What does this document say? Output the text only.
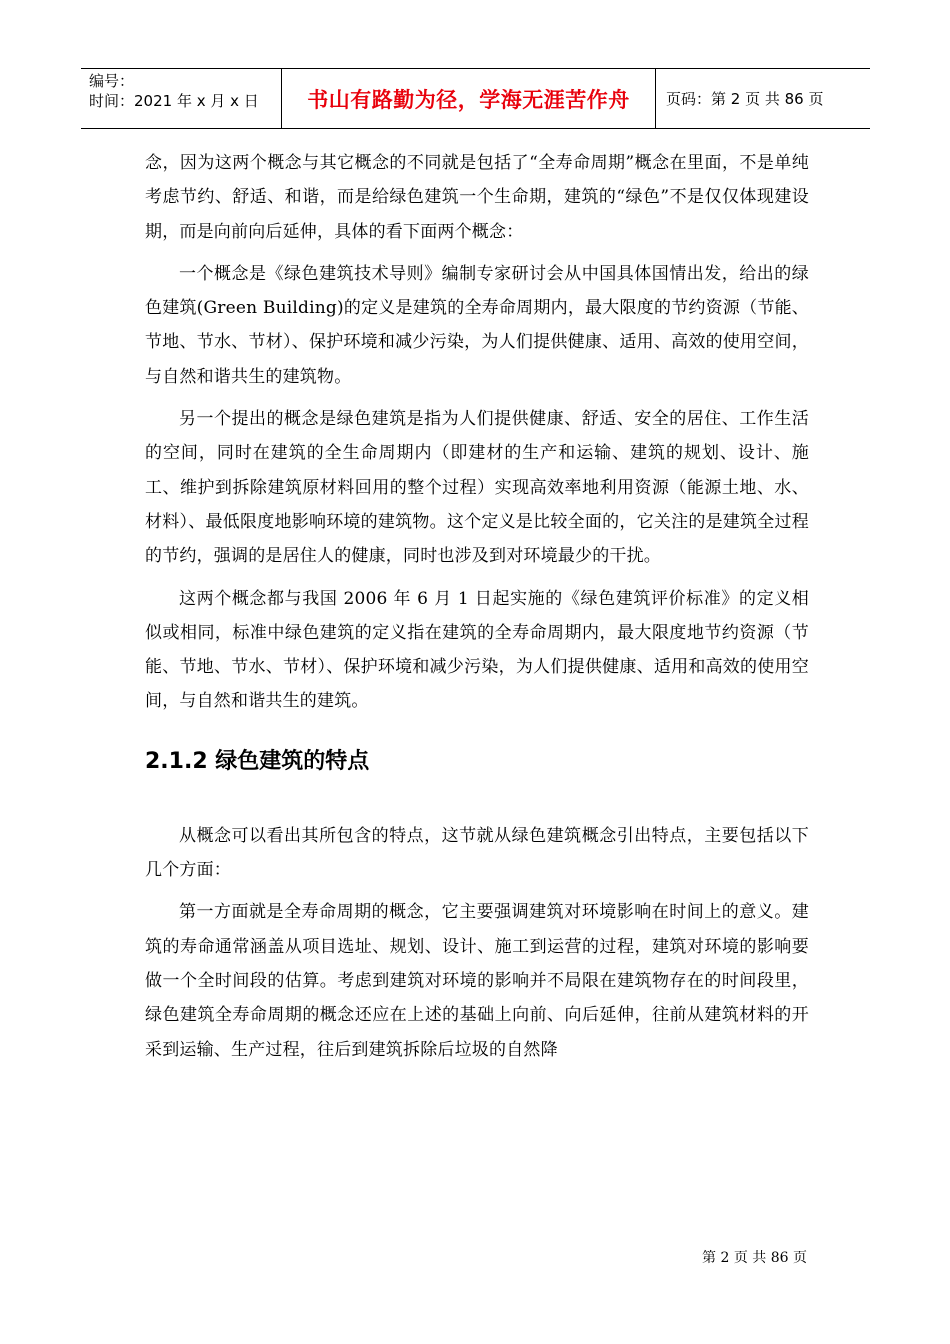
编号：
时间：2021 年 x 月 x 日	书山有路勤为径，学海无涯苦作舟	页码：第 2 页 共 86 页

念，因为这两个概念与其它概念的不同就是包括了“全寿命周期”概念在里面，不是单纯考虑节约、舒适、和谐，而是给绿色建筑一个生命期，建筑的“绿色”不是仅仅体现建设期，而是向前向后延伸，具体的看下面两个概念：

一个概念是《绿色建筑技术导则》编制专家研讨会从中国具体国情出发，给出的绿色建筑(Green Building)的定义是建筑的全寿命周期内，最大限度的节约资源（节能、节地、节水、节材）、保护环境和减少污染，为人们提供健康、适用、高效的使用空间，与自然和谐共生的建筑物。

另一个提出的概念是绿色建筑是指为人们提供健康、舒适、安全的居住、工作生活的空间，同时在建筑的全生命周期内（即建材的生产和运输、建筑的规划、设计、施工、维护到拆除建筑原材料回用的整个过程）实现高效率地利用资源（能源土地、水、材料）、最低限度地影响环境的建筑物。这个定义是比较全面的，它关注的是建筑全过程的节约，强调的是居住人的健康，同时也涉及到对环境最少的干扰。

这两个概念都与我国 2006 年 6 月 1 日起实施的《绿色建筑评价标准》的定义相似或相同，标准中绿色建筑的定义指在建筑的全寿命周期内，最大限度地节约资源（节能、节地、节水、节材）、保护环境和减少污染，为人们提供健康、适用和高效的使用空间，与自然和谐共生的建筑。

2.1.2 绿色建筑的特点

从概念可以看出其所包含的特点，这节就从绿色建筑概念引出特点，主要包括以下几个方面：

第一方面就是全寿命周期的概念，它主要强调建筑对环境影响在时间上的意义。建筑的寿命通常涵盖从项目选址、规划、设计、施工到运营的过程，建筑对环境的影响要做一个全时间段的估算。考虑到建筑对环境的影响并不局限在建筑物存在的时间段里，绿色建筑全寿命周期的概念还应在上述的基础上向前、向后延伸，往前从建筑材料的开采到运输、生产过程，往后到建筑拆除后垃圾的自然降

第 2 页 共 86 页
